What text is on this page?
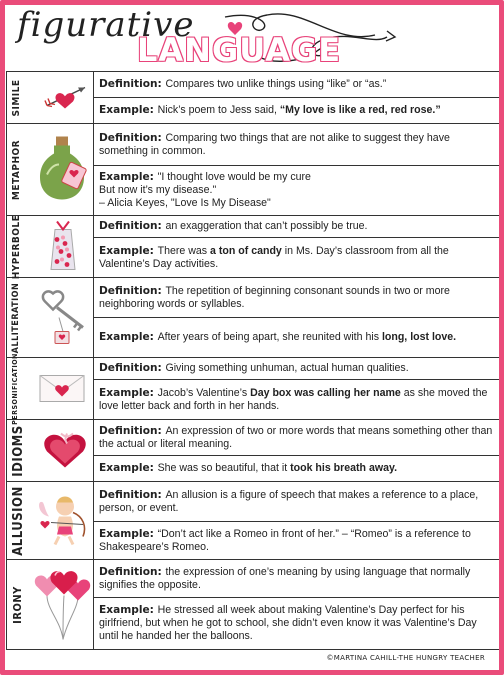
figurative
LANGUAGE
SIMILE	Definition: Compares two unlike things using “like” or “as.”
	Example: Nick’s poem to Jess said, “My love is like a red, red rose.”

METAPHOR	Definition: Comparing two things that are not alike to suggest they have something in common.
	Example: "I thought love would be my cure
But now it’s my disease."
– Alicia Keyes, "Love Is My Disease"

HYPERBOLE	Definition: an exaggeration that can’t possibly be true.
	Example: There was a ton of candy in Ms. Day’s classroom from all the Valentine’s Day activities.

ALLITERATION	Definition: The repetition of beginning consonant sounds in two or more neighboring words or syllables.
	Example: After years of being apart, she reunited with his long, lost love.

PERSONIFICATION	Definition: Giving something unhuman, actual human qualities.
	Example: Jacob’s Valentine’s Day box was calling her name as she moved the love letter back and forth in her hands.

IDIOMS	Definition: An expression of two or more words that means something other than the actual or literal meaning.
	Example: She was so beautiful, that it took his breath away.

ALLUSION	Definition: An allusion is a figure of speech that makes a reference to a place, person, or event.
	Example: “Don’t act like a Romeo in front of her.” – “Romeo” is a reference to Shakespeare’s Romeo.

IRONY	Definition: the expression of one’s meaning by using language that normally signifies the opposite.
	Example: He stressed all week about making Valentine’s Day perfect for his girlfriend, but when he got to school, she didn’t even know it was Valentine’s Day until he handed her the balloons.
©MARTINA CAHILL-THE HUNGRY TEACHER
